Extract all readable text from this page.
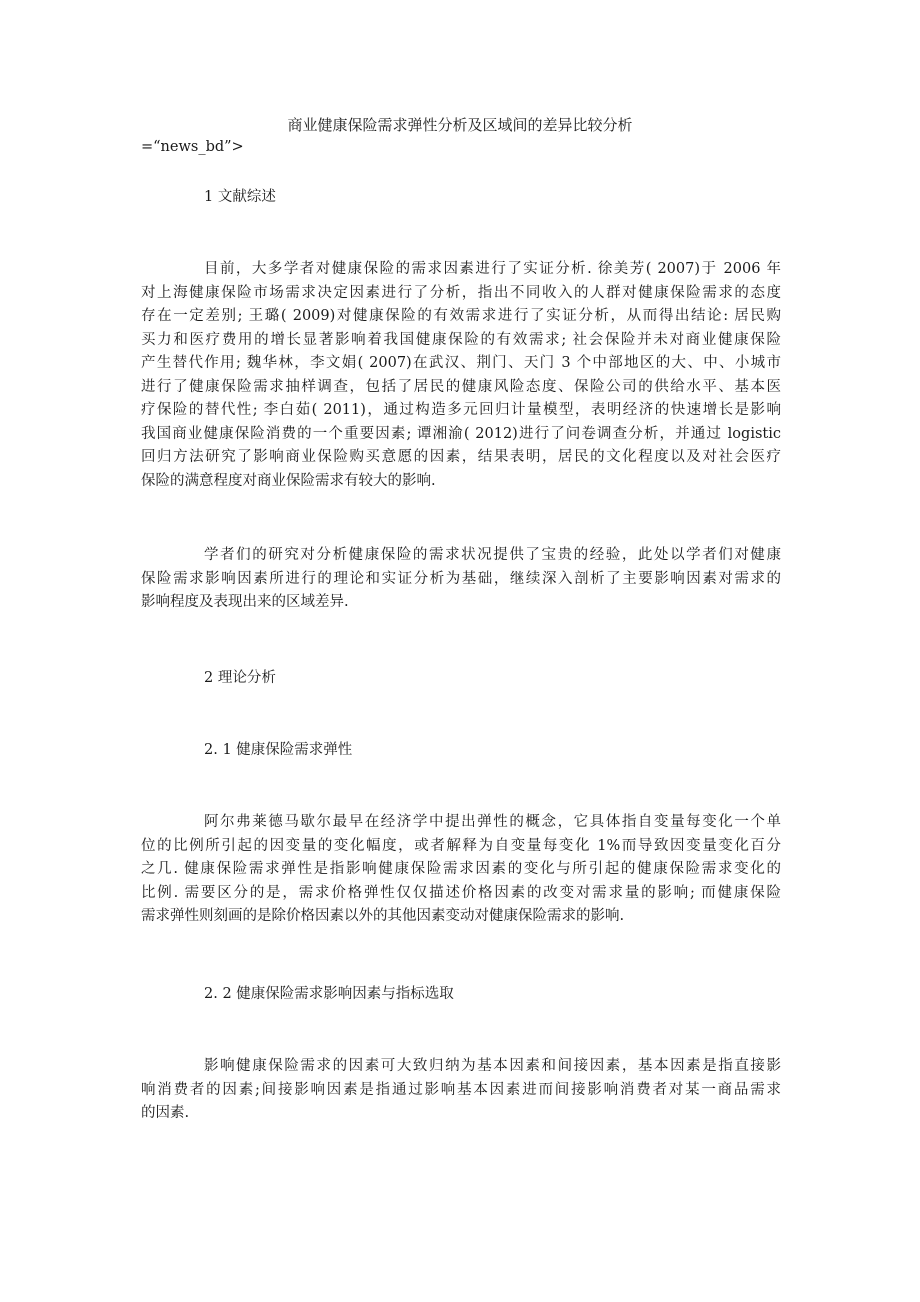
商业健康保险需求弹性分析及区域间的差异比较分析
=“news_bd”>
1 文献综述
目前，大多学者对健康保险的需求因素进行了实证分析. 徐美芳( 2007)于 2006 年
对上海健康保险市场需求决定因素进行了分析，指出不同收入的人群对健康保险需求的态度
存在一定差别; 王璐( 2009)对健康保险的有效需求进行了实证分析，从而得出结论: 居民购
买力和医疗费用的增长显著影响着我国健康保险的有效需求; 社会保险并未对商业健康保险
产生替代作用; 魏华林，李文娟( 2007)在武汉、荆门、天门 3 个中部地区的大、中、小城市
进行了健康保险需求抽样调查，包括了居民的健康风险态度、保险公司的供给水平、基本医
疗保险的替代性; 李白茹( 2011)，通过构造多元回归计量模型，表明经济的快速增长是影响
我国商业健康保险消费的一个重要因素; 谭湘渝( 2012)进行了问卷调查分析，并通过 logistic
回归方法研究了影响商业保险购买意愿的因素，结果表明，居民的文化程度以及对社会医疗
保险的满意程度对商业保险需求有较大的影响.
学者们的研究对分析健康保险的需求状况提供了宝贵的经验，此处以学者们对健康
保险需求影响因素所进行的理论和实证分析为基础，继续深入剖析了主要影响因素对需求的
影响程度及表现出来的区域差异.
2 理论分析
2. 1 健康保险需求弹性
阿尔弗莱德马歇尔最早在经济学中提出弹性的概念，它具体指自变量每变化一个单
位的比例所引起的因变量的变化幅度，或者解释为自变量每变化 1%而导致因变量变化百分
之几. 健康保险需求弹性是指影响健康保险需求因素的变化与所引起的健康保险需求变化的
比例. 需要区分的是，需求价格弹性仅仅描述价格因素的改变对需求量的影响; 而健康保险
需求弹性则刻画的是除价格因素以外的其他因素变动对健康保险需求的影响.
2. 2 健康保险需求影响因素与指标选取
影响健康保险需求的因素可大致归纳为基本因素和间接因素，基本因素是指直接影
响消费者的因素;间接影响因素是指通过影响基本因素进而间接影响消费者对某一商品需求
的因素.
